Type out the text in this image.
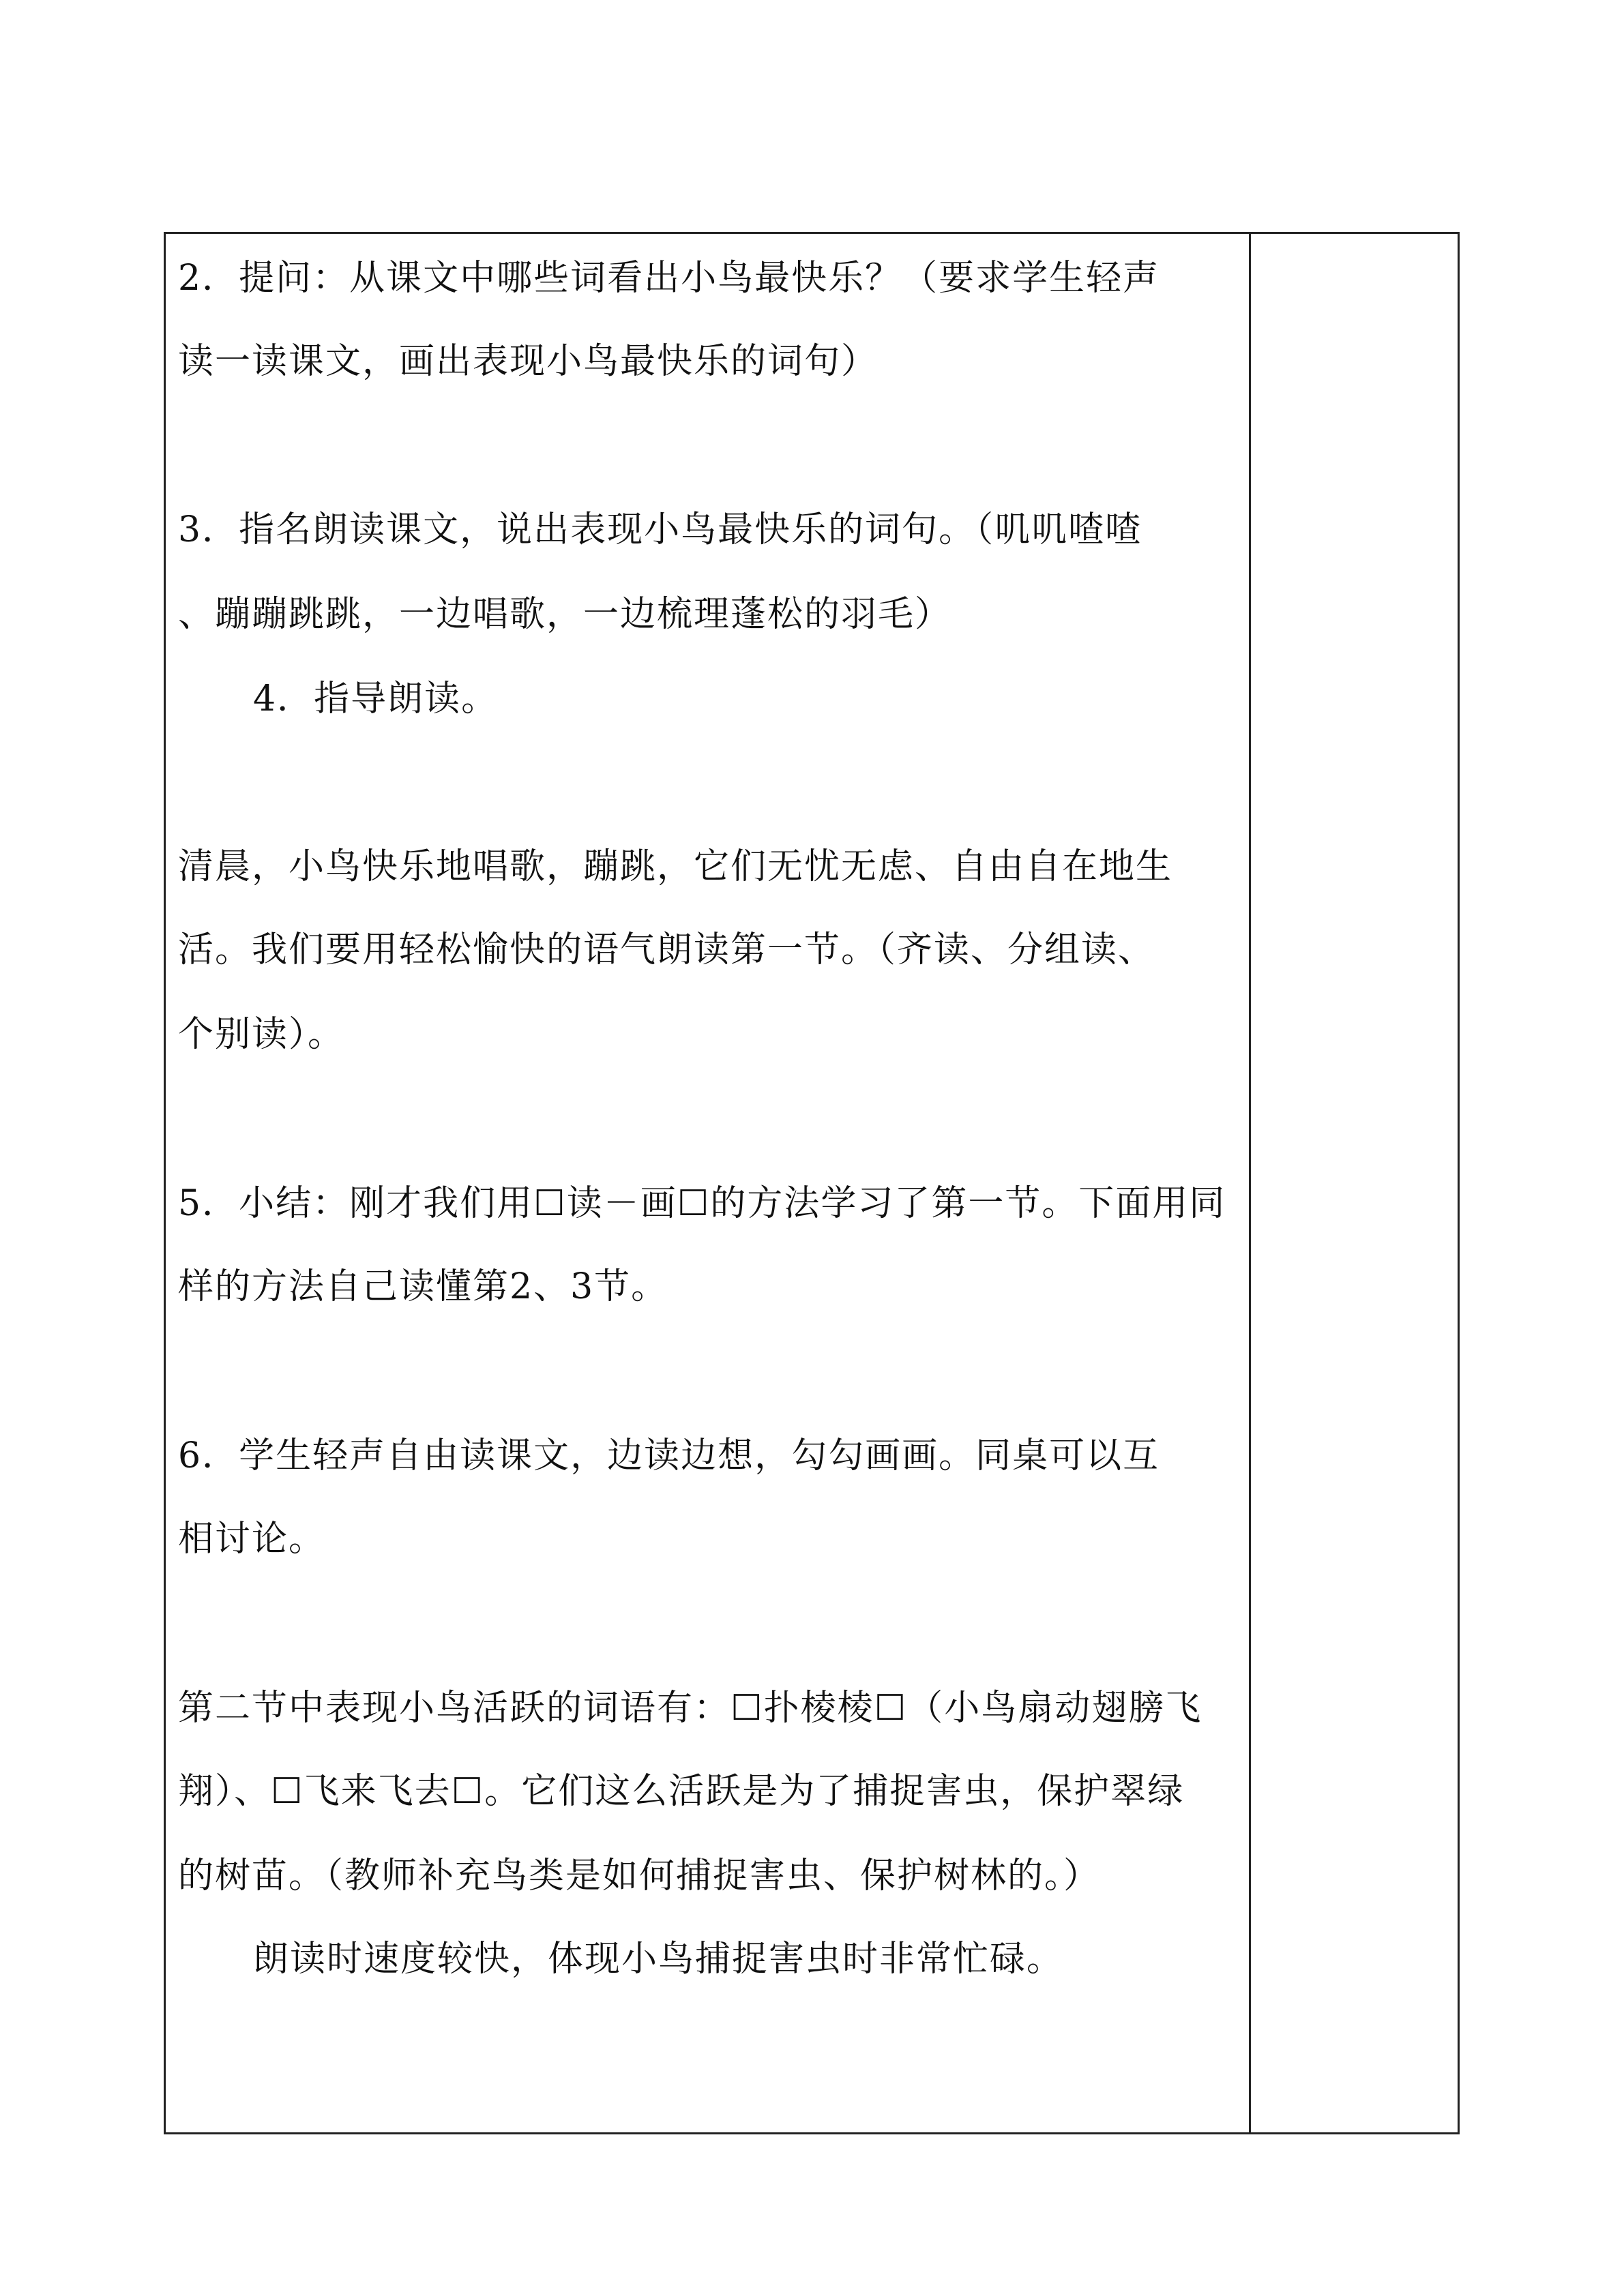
2．提问：从课文中哪些词看出小鸟最快乐？（要求学生轻声
读一读课文，画出表现小鸟最快乐的词句）
3．指名朗读课文，说出表现小鸟最快乐的词句。（叽叽喳喳
、蹦蹦跳跳，一边唱歌，一边梳理蓬松的羽毛）
4．指导朗读。
清晨，小鸟快乐地唱歌，蹦跳，它们无忧无虑、自由自在地生
活。我们要用轻松愉快的语气朗读第一节。（齐读、分组读、
个别读）。
5．小结：刚才我们用☐读－画☐的方法学习了第一节。下面用同
样的方法自己读懂第2、3节。
6．学生轻声自由读课文，边读边想，勾勾画画。同桌可以互
相讨论。
第二节中表现小鸟活跃的词语有：☐扑棱棱☐（小鸟扇动翅膀飞
翔）、☐飞来飞去☐。它们这么活跃是为了捕捉害虫，保护翠绿
的树苗。（教师补充鸟类是如何捕捉害虫、保护树林的。）
朗读时速度较快，体现小鸟捕捉害虫时非常忙碌。
